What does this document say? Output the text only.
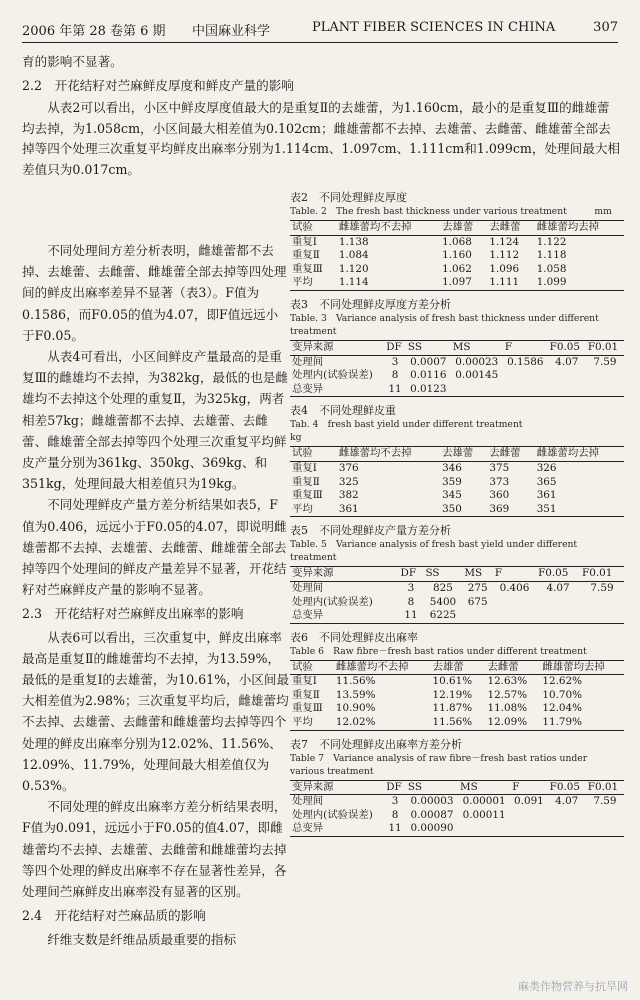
2006 年第 28 卷第 6 期 中国麻业科学	PLANT FIBER SCIENCES IN CHINA	307

育的影响不显著。

2.2　开花结籽对苎麻鲜皮厚度和鲜皮产量的影响

从表2可以看出，小区中鲜皮厚度值最大的是重复Ⅱ的去雄蕾，为1.160cm，最小的是重复Ⅲ的雌雄蕾均去掉，为1.058cm，小区间最大相差值为0.102cm；雌雄蕾都不去掉、去雄蕾、去雌蕾、雌雄蕾全部去掉等四个处理三次重复平均鲜皮出麻率分别为1.114cm、1.097cm、1.111cm和1.099cm，处理间最大相差值只为0.017cm。

不同处理间方差分析表明，雌雄蕾都不去掉、去雄蕾、去雌蕾、雌雄蕾全部去掉等四处理间的鲜皮出麻率差异不显著（表3）。F值为0.1586，而F0.05的值为4.07，即F值远远小于F0.05。

从表4可看出，小区间鲜皮产量最高的是重复Ⅲ的雌雄均不去掉，为382kg，最低的也是雌雄均不去掉这个处理的重复Ⅱ，为325kg，两者相差57kg；雌雄蕾都不去掉、去雄蕾、去雌蕾、雌雄蕾全部去掉等四个处理三次重复平均鲜皮产量分别为361kg、350kg、369kg、和351kg，处理间最大相差值只为19kg。

不同处理鲜皮产量方差分析结果如表5，F值为0.406，远远小于F0.05的4.07，即说明雌雄蕾都不去掉、去雄蕾、去雌蕾、雌雄蕾全部去掉等四个处理间的鲜皮产量差异不显著，开花结籽对苎麻鲜皮产量的影响不显著。

2.3　开花结籽对苎麻鲜皮出麻率的影响

从表6可以看出，三次重复中，鲜皮出麻率最高是重复Ⅱ的雌雄蕾均不去掉，为13.59%，最低的是重复Ⅰ的去雄蕾，为10.61%，小区间最大相差值为2.98%；三次重复平均后，雌雄蕾均不去掉、去雄蕾、去雌蕾和雌雄蕾均去掉等四个处理的鲜皮出麻率分别为12.02%、11.56%、12.09%、11.79%，处理间最大相差值仅为0.53%。

不同处理的鲜皮出麻率方差分析结果表明，F值为0.091，远远小于F0.05的值4.07，即雌雄蕾均不去掉、去雄蕾、去雌蕾和雌雄蕾均去掉等四个处理的鲜皮出麻率不存在显著性差异，各处理间苎麻鲜皮出麻率没有显著的区别。

2.4　开花结籽对苎麻品质的影响

纤维支数是纤维品质最重要的指标

表2　不同处理鲜皮厚度

Table. 2　The fresh bast thickness under various treatment　　　mm

试验	雌雄蕾均不去掉	去雄蕾	去雌蕾	雌雄蕾均去掉
重复Ⅰ	1.138	1.068	1.124	1.122
重复Ⅱ	1.084	1.160	1.112	1.118
重复Ⅲ	1.120	1.062	1.096	1.058
平均	1.114	1.097	1.111	1.099

表3　不同处理鲜皮厚度方差分析

Table. 3　Variance analysis of fresh bast thickness under different treatment

变异来源	DF	SS	MS	F	F0.05	F0.01
处理间	3	0.0007	0.00023	0.1586	4.07	7.59
处理内(试验误差)	8	0.0116	0.00145			
总变异	11	0.0123				

表4　不同处理鲜皮重

Tab. 4　fresh bast yield under different treatment　　　　　　　　　　　kg

试验	雌雄蕾均不去掉	去雄蕾	去雌蕾	雌雄蕾均去掉
重复Ⅰ	376	346	375	326
重复Ⅱ	325	359	373	365
重复Ⅲ	382	345	360	361
平均	361	350	369	351

表5　不同处理鲜皮产量方差分析

Table. 5　Variance analysis of fresh bast yield under different treatment

变异来源	DF	SS	MS	F	F0.05	F0.01
处理间	3	825	275	0.406	4.07	7.59
处理内(试验误差)	8	5400	675			
总变异	11	6225				

表6　不同处理鲜皮出麻率

Table 6　Raw fibre－fresh bast ratios under different treatment

试验	雌雄蕾均不去掉	去雄蕾	去雌蕾	雌雄蕾均去掉
重复Ⅰ	11.56%	10.61%	12.63%	12.62%
重复Ⅱ	13.59%	12.19%	12.57%	10.70%
重复Ⅲ	10.90%	11.87%	11.08%	12.04%
平均	12.02%	11.56%	12.09%	11.79%

表7　不同处理鲜皮出麻率方差分析

Table 7　Variance analysis of raw fibre－fresh bast ratios under various treatment

变异来源	DF	SS	MS	F	F0.05	F0.01
处理间	3	0.00003	0.00001	0.091	4.07	7.59
处理内(试验误差)	8	0.00087	0.00011			
总变异	11	0.00090				
麻类作物营养与抗旱网
